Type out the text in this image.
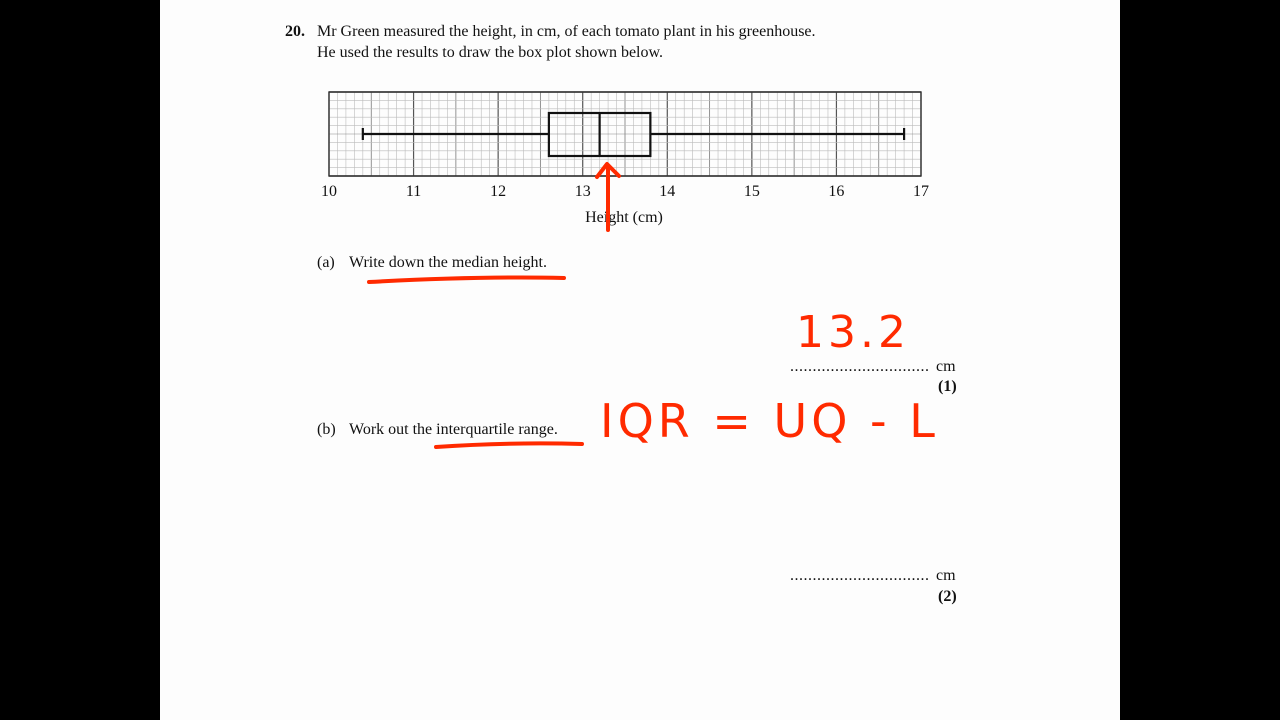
20. Mr Green measured the height, in cm, of each tomato plant in his greenhouse.
He used the results to draw the box plot shown below.
10	11	12	13	14	15	16	17
Height (cm)
(a) Write down the median height.
............................... cm
(1)
(b) Work out the interquartile range.
............................... cm
(2)
13.2
IQR = UQ - L
